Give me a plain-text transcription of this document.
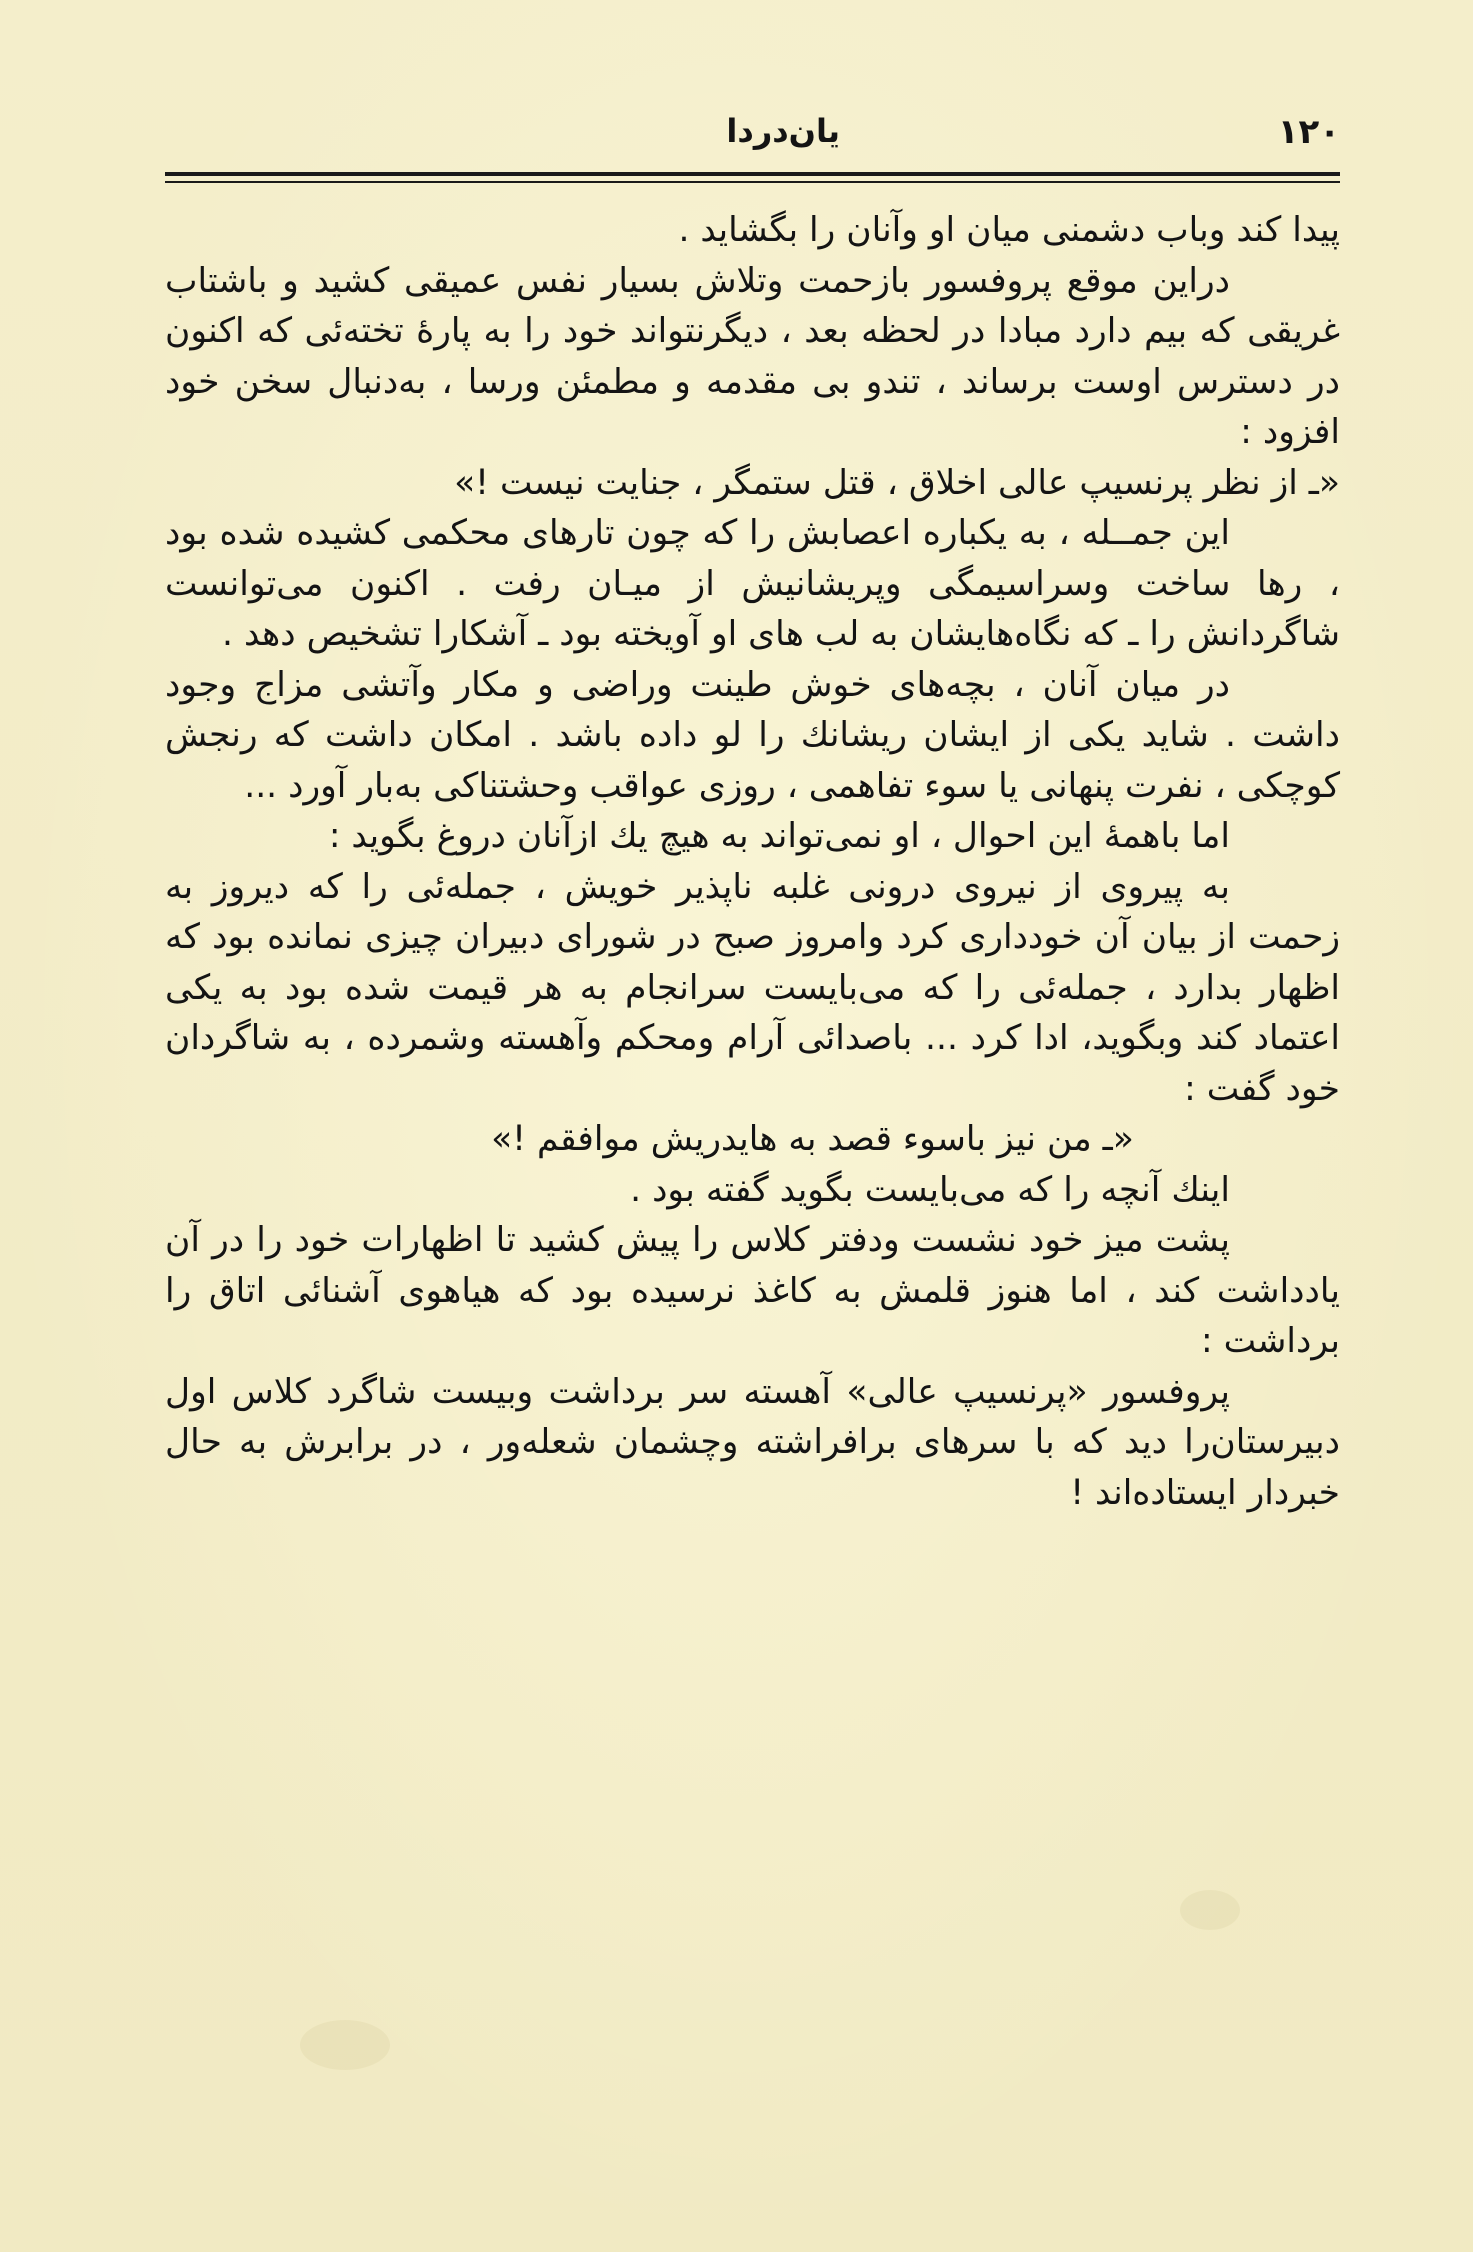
۱۲۰
یان‌دردا

پیدا کند وباب دشمنی میان او وآنان را بگشاید .

دراین موقع پروفسور بازحمت وتلاش بسیار نفس عمیقی کشید و باشتاب غریقی که بیم دارد مبادا در لحظه بعد ، دیگرنتواند خود را به پارهٔ تخته‌ئی که اکنون در دسترس اوست برساند ، تندو بی مقدمه و مطمئن ورسا ، به‌دنبال سخن خود افزود :

«ـ از نظر پرنسیپ عالی اخلاق ، قتل ستمگر ، جنایت نیست !»

این جمــله ، به یکباره اعصابش را که چون تارهای محکمی کشیده شده بود ، رها ساخت وسراسیمگی وپریشانیش از میـان رفت . اکنون می‌توانست شاگردانش را ـ که نگاه‌هایشان به لب های او آویخته بود ـ آشکارا تشخیص دهد .

در میان آنان ، بچه‌های خوش طینت وراضی و مکار وآتشی مزاج وجود داشت . شاید یکی از ایشان ریشانك را لو داده باشد . امکان داشت که رنجش کوچکی ، نفرت پنهانی یا سوء تفاهمی ، روزی عواقب وحشتناکی به‌بار آورد ...

اما باهمهٔ این احوال ، او نمی‌تواند به هیچ یك ازآنان دروغ بگوید :

به پیروی از نیروی درونی غلبه ناپذیر خویش ، جمله‌ئی را که دیروز به زحمت از بیان آن خودداری کرد وامروز صبح در شورای دبیران چیزی نمانده بود که اظهار بدارد ، جمله‌ئی را که می‌بایست سرانجام به هر قیمت شده بود به یکی اعتماد کند وبگوید، ادا کرد ... باصدائی آرام ومحکم وآهسته وشمرده ، به شاگردان خود گفت :

«ـ من نیز باسوء قصد به هایدریش موافقم !»

اینك آنچه را که می‌بایست بگوید گفته بود .

پشت میز خود نشست ودفتر کلاس را پیش کشید تا اظهارات خود را در آن یادداشت کند ، اما هنوز قلمش به کاغذ نرسیده بود که هیاهوی آشنائی اتاق را برداشت :

پروفسور «پرنسیپ عالی» آهسته سر برداشت وبیست شاگرد کلاس اول دبیرستان‌را دید که با سرهای برافراشته وچشمان شعله‌ور ، در برابرش به حال خبردار ایستاده‌اند !
